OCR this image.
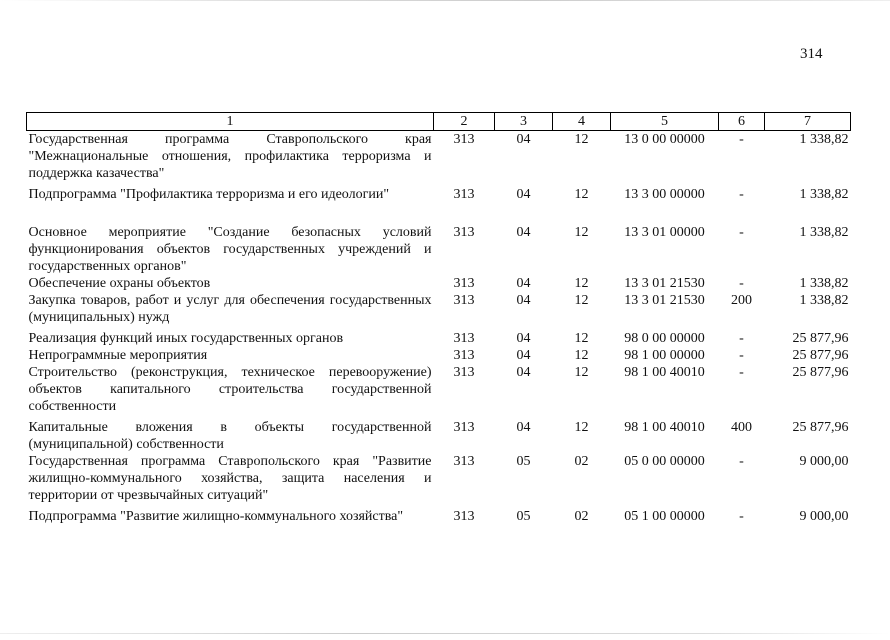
314
1	2	3	4	5	6	7
Государственная программа Ставропольского края "Межнациональные отношения, профилактика терроризма и поддержка казачества"	313	04	12	13 0 00 00000	-	1 338,82
Подпрограмма "Профилактика терроризма и его идеологии"	313	04	12	13 3 00 00000	-	1 338,82
Основное мероприятие "Создание безопасных условий функционирования объектов государственных учреждений и государственных органов"	313	04	12	13 3 01 00000	-	1 338,82
Обеспечение охраны объектов	313	04	12	13 3 01 21530	-	1 338,82
Закупка товаров, работ и услуг для обеспечения государственных (муниципальных) нужд	313	04	12	13 3 01 21530	200	1 338,82
Реализация функций иных государственных органов	313	04	12	98 0 00 00000	-	25 877,96
Непрограммные мероприятия	313	04	12	98 1 00 00000	-	25 877,96
Строительство (реконструкция, техническое перевооружение) объектов капитального строительства государственной собственности	313	04	12	98 1 00 40010	-	25 877,96
Капитальные вложения в объекты государственной (муниципальной) собственности	313	04	12	98 1 00 40010	400	25 877,96
Государственная программа Ставропольского края "Развитие жилищно-коммунального хозяйства, защита населения и территории от чрезвычайных ситуаций"	313	05	02	05 0 00 00000	-	9 000,00
Подпрограмма "Развитие жилищно-коммунального хозяйства"	313	05	02	05 1 00 00000	-	9 000,00
